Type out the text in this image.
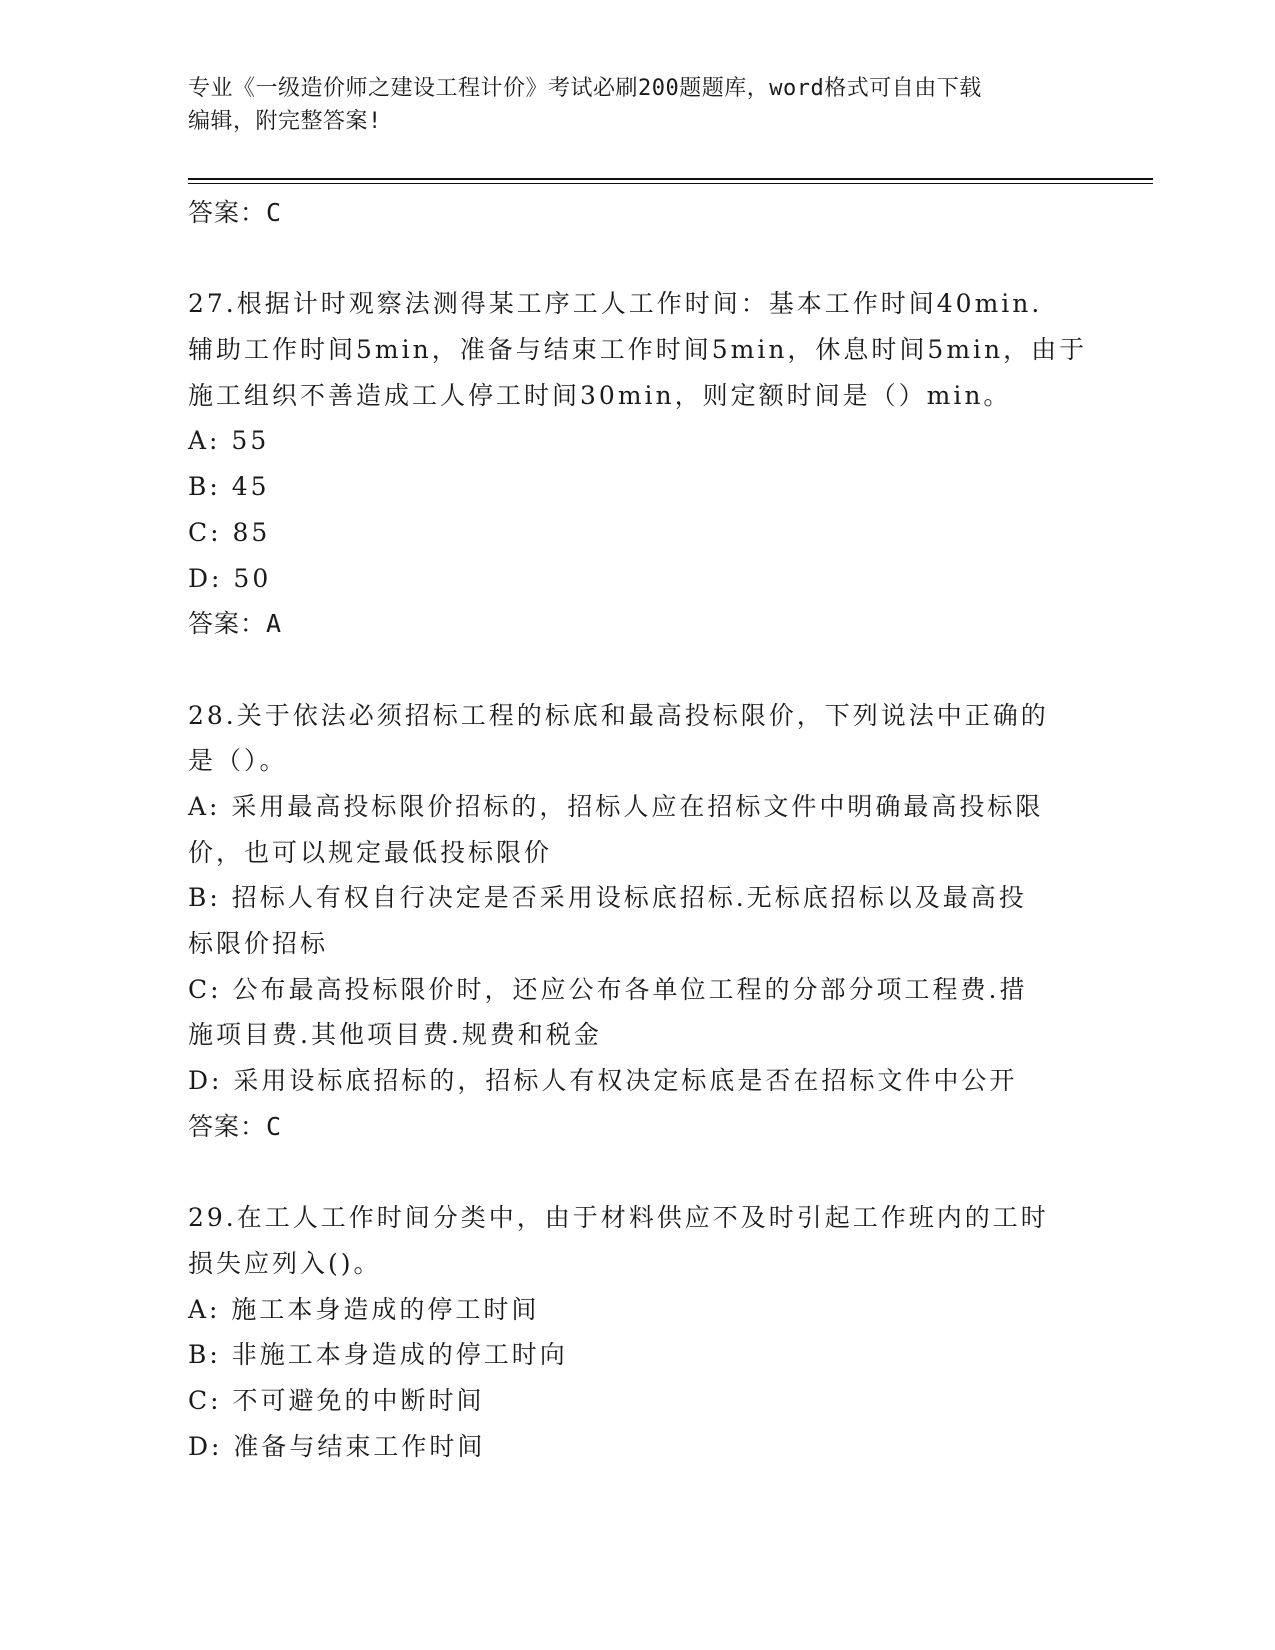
专业《一级造价师之建设工程计价》考试必刷200题题库，word格式可自由下载
编辑，附完整答案!
答案：C
27.根据计时观察法测得某工序工人工作时间：基本工作时间40min.
辅助工作时间5min，准备与结束工作时间5min，休息时间5min，由于
施工组织不善造成工人停工时间30min，则定额时间是（）min。
A: 55
B: 45
C: 85
D: 50
答案：A
28.关于依法必须招标工程的标底和最高投标限价，下列说法中正确的
是（）。
A: 采用最高投标限价招标的，招标人应在招标文件中明确最高投标限
价，也可以规定最低投标限价
B: 招标人有权自行决定是否采用设标底招标.无标底招标以及最高投
标限价招标
C: 公布最高投标限价时，还应公布各单位工程的分部分项工程费.措
施项目费.其他项目费.规费和税金
D: 采用设标底招标的，招标人有权决定标底是否在招标文件中公开
答案：C
29.在工人工作时间分类中，由于材料供应不及时引起工作班内的工时
损失应列入()。
A: 施工本身造成的停工时间
B: 非施工本身造成的停工时向
C: 不可避免的中断时间
D: 准备与结束工作时间
